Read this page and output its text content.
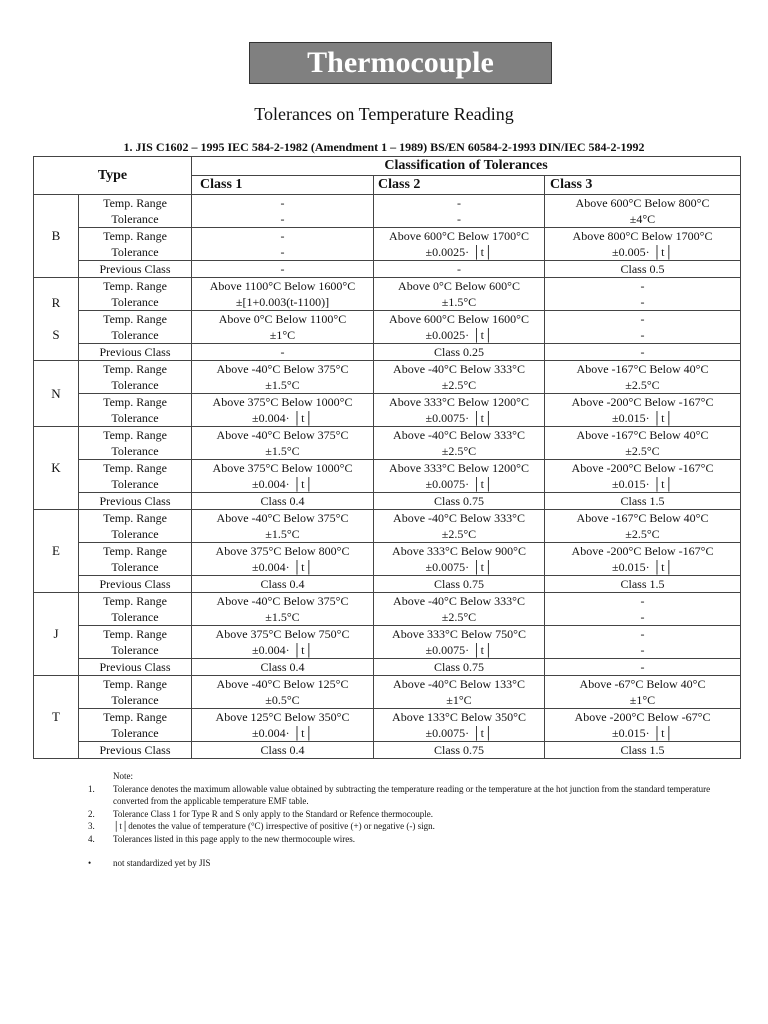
Thermocouple
Tolerances on Temperature Reading
1. JIS C1602 – 1995 IEC 584-2-1982 (Amendment 1 – 1989) BS/EN 60584-2-1993 DIN/IEC 584-2-1992
Type		Classification of Tolerances		
		Class 1	Class 2	Class 3
B	Temp. Range	-	-	Above 600°C Below 800°C
	Tolerance	-	-	±4°C
	Temp. Range	-	Above 600°C Below 1700°C	Above 800°C Below 1700°C
	Tolerance	-	±0.0025· │t│	±0.005· │t│
	Previous Class	-	-	Class 0.5
R

S	Temp. Range	Above 1100°C Below 1600°C	Above 0°C Below 600°C	-
	Tolerance	±[1+0.003(t-1100)]	±1.5°C	-
	Temp. Range	Above 0°C Below 1100°C	Above 600°C Below 1600°C	-
	Tolerance	±1°C	±0.0025· │t│	-
	Previous Class	-	Class 0.25	-
N	Temp. Range	Above -40°C Below 375°C	Above -40°C Below 333°C	Above -167°C Below 40°C
	Tolerance	±1.5°C	±2.5°C	±2.5°C
	Temp. Range	Above 375°C Below 1000°C	Above 333°C Below 1200°C	Above -200°C Below -167°C
	Tolerance	±0.004· │t│	±0.0075· │t│	±0.015· │t│
K	Temp. Range	Above -40°C Below 375°C	Above -40°C Below 333°C	Above -167°C Below 40°C
	Tolerance	±1.5°C	±2.5°C	±2.5°C
	Temp. Range	Above 375°C Below 1000°C	Above 333°C Below 1200°C	Above -200°C Below -167°C
	Tolerance	±0.004· │t│	±0.0075· │t│	±0.015· │t│
	Previous Class	Class 0.4	Class 0.75	Class 1.5
E	Temp. Range	Above -40°C Below 375°C	Above -40°C Below 333°C	Above -167°C Below 40°C
	Tolerance	±1.5°C	±2.5°C	±2.5°C
	Temp. Range	Above 375°C Below 800°C	Above 333°C Below 900°C	Above -200°C Below -167°C
	Tolerance	±0.004· │t│	±0.0075· │t│	±0.015· │t│
	Previous Class	Class 0.4	Class 0.75	Class 1.5
J	Temp. Range	Above -40°C Below 375°C	Above -40°C Below 333°C	-
	Tolerance	±1.5°C	±2.5°C	-
	Temp. Range	Above 375°C Below 750°C	Above 333°C Below 750°C	-
	Tolerance	±0.004· │t│	±0.0075· │t│	-
	Previous Class	Class 0.4	Class 0.75	-
T	Temp. Range	Above -40°C Below 125°C	Above -40°C Below 133°C	Above -67°C Below 40°C
	Tolerance	±0.5°C	±1°C	±1°C
	Temp. Range	Above 125°C Below 350°C	Above 133°C Below 350°C	Above -200°C Below -67°C
	Tolerance	±0.004· │t│	±0.0075· │t│	±0.015· │t│
	Previous Class	Class 0.4	Class 0.75	Class 1.5
Note:
1.	Tolerance denotes the maximum allowable value obtained by subtracting the temperature reading or the temperature at the hot junction from the standard temperature converted from the applicable temperature EMF table.
2.	Tolerance Class 1 for Type R and S only apply to the Standard or Refence thermocouple.
3.	│t│denotes the value of temperature (°C) irrespective of positive (+) or negative (-) sign.
4.	Tolerances listed in this page apply to the new thermocouple wires.
•	not standardized yet by JIS
